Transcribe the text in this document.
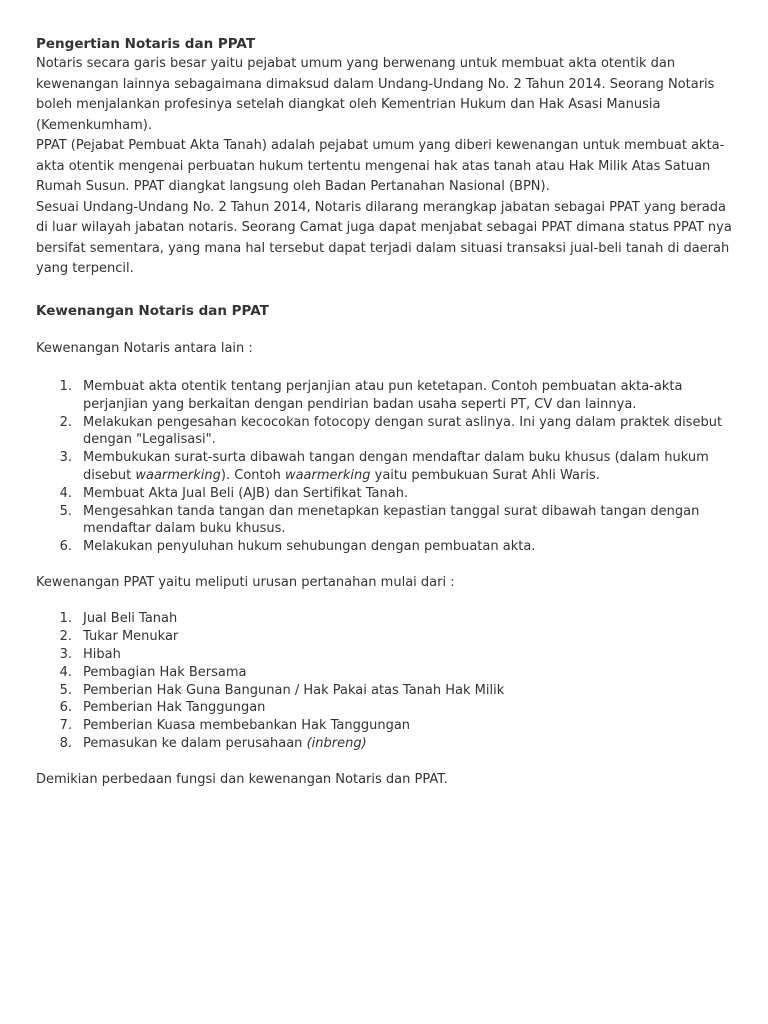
Pengertian Notaris dan PPAT

Notaris secara garis besar yaitu pejabat umum yang berwenang untuk membuat akta otentik dan kewenangan lainnya sebagaimana dimaksud dalam Undang-Undang No. 2 Tahun 2014. Seorang Notaris boleh menjalankan profesinya setelah diangkat oleh Kementrian Hukum dan Hak Asasi Manusia (Kemenkumham).

PPAT (Pejabat Pembuat Akta Tanah) adalah pejabat umum yang diberi kewenangan untuk membuat akta-akta otentik mengenai perbuatan hukum tertentu mengenai hak atas tanah atau Hak Milik Atas Satuan Rumah Susun. PPAT diangkat langsung oleh Badan Pertanahan Nasional (BPN).

Sesuai Undang-Undang No. 2 Tahun 2014, Notaris dilarang merangkap jabatan sebagai PPAT yang berada di luar wilayah jabatan notaris. Seorang Camat juga dapat menjabat sebagai PPAT dimana status PPAT nya bersifat sementara, yang mana hal tersebut dapat terjadi dalam situasi transaksi jual-beli tanah di daerah yang terpencil.

Kewenangan Notaris dan PPAT

Kewenangan Notaris antara lain :

1. Membuat akta otentik tentang perjanjian atau pun ketetapan. Contoh pembuatan akta-akta perjanjian yang berkaitan dengan pendirian badan usaha seperti PT, CV dan lainnya.
2. Melakukan pengesahan kecocokan fotocopy dengan surat aslinya. Ini yang dalam praktek disebut dengan "Legalisasi".
3. Membukukan surat-surta dibawah tangan dengan mendaftar dalam buku khusus (dalam hukum disebut waarmerking). Contoh waarmerking yaitu pembukuan Surat Ahli Waris.
4. Membuat Akta Jual Beli (AJB) dan Sertifikat Tanah.
5. Mengesahkan tanda tangan dan menetapkan kepastian tanggal surat dibawah tangan dengan mendaftar dalam buku khusus.
6. Melakukan penyuluhan hukum sehubungan dengan pembuatan akta.

Kewenangan PPAT yaitu meliputi urusan pertanahan mulai dari :

1. Jual Beli Tanah
2. Tukar Menukar
3. Hibah
4. Pembagian Hak Bersama
5. Pemberian Hak Guna Bangunan / Hak Pakai atas Tanah Hak Milik
6. Pemberian Hak Tanggungan
7. Pemberian Kuasa membebankan Hak Tanggungan
8. Pemasukan ke dalam perusahaan (inbreng)

Demikian perbedaan fungsi dan kewenangan Notaris dan PPAT.
